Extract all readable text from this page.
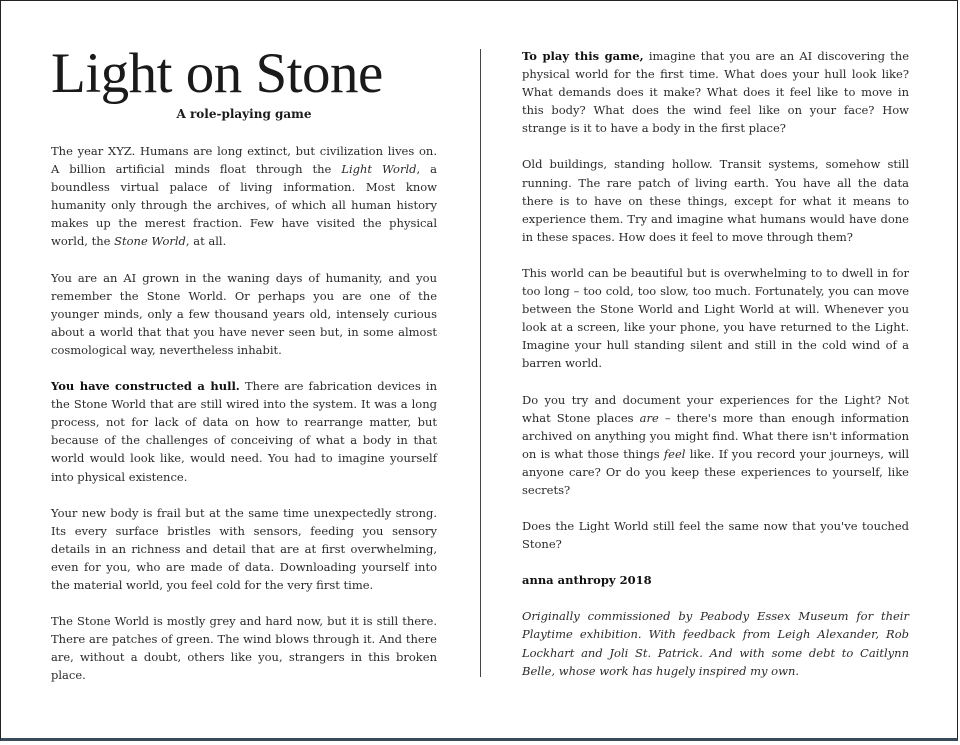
Light on Stone
A role-playing game

The year XYZ. Humans are long extinct, but civilization lives on. A billion artificial minds float through the Light World, a boundless virtual palace of living information. Most know humanity only through the archives, of which all human history makes up the merest fraction. Few have visited the physical world, the Stone World, at all.

You are an AI grown in the waning days of humanity, and you remember the Stone World. Or perhaps you are one of the younger minds, only a few thousand years old, intensely curious about a world that that you have never seen but, in some almost cosmological way, nevertheless inhabit.

You have constructed a hull. There are fabrication devices in the Stone World that are still wired into the system. It was a long process, not for lack of data on how to rearrange matter, but because of the challenges of conceiving of what a body in that world would look like, would need. You had to imagine yourself into physical existence.

Your new body is frail but at the same time unexpectedly strong. Its every surface bristles with sensors, feeding you sensory details in an richness and detail that are at first overwhelming, even for you, who are made of data. Downloading yourself into the material world, you feel cold for the very first time.

The Stone World is mostly grey and hard now, but it is still there. There are patches of green. The wind blows through it. And there are, without a doubt, others like you, strangers in this broken place.

To play this game, imagine that you are an AI discovering the physical world for the first time. What does your hull look like? What demands does it make? What does it feel like to move in this body? What does the wind feel like on your face? How strange is it to have a body in the first place?

Old buildings, standing hollow. Transit systems, somehow still running. The rare patch of living earth. You have all the data there is to have on these things, except for what it means to experience them. Try and imagine what humans would have done in these spaces. How does it feel to move through them?

This world can be beautiful but is overwhelming to to dwell in for too long – too cold, too slow, too much. Fortunately, you can move between the Stone World and Light World at will. Whenever you look at a screen, like your phone, you have returned to the Light. Imagine your hull standing silent and still in the cold wind of a barren world.

Do you try and document your experiences for the Light? Not what Stone places are – there's more than enough information archived on anything you might find. What there isn't information on is what those things feel like. If you record your journeys, will anyone care? Or do you keep these experiences to yourself, like secrets?

Does the Light World still feel the same now that you've touched Stone?

anna anthropy 2018

Originally commissioned by Peabody Essex Museum for their Playtime exhibition. With feedback from Leigh Alexander, Rob Lockhart and Joli St. Patrick. And with some debt to Caitlynn Belle, whose work has hugely inspired my own.
